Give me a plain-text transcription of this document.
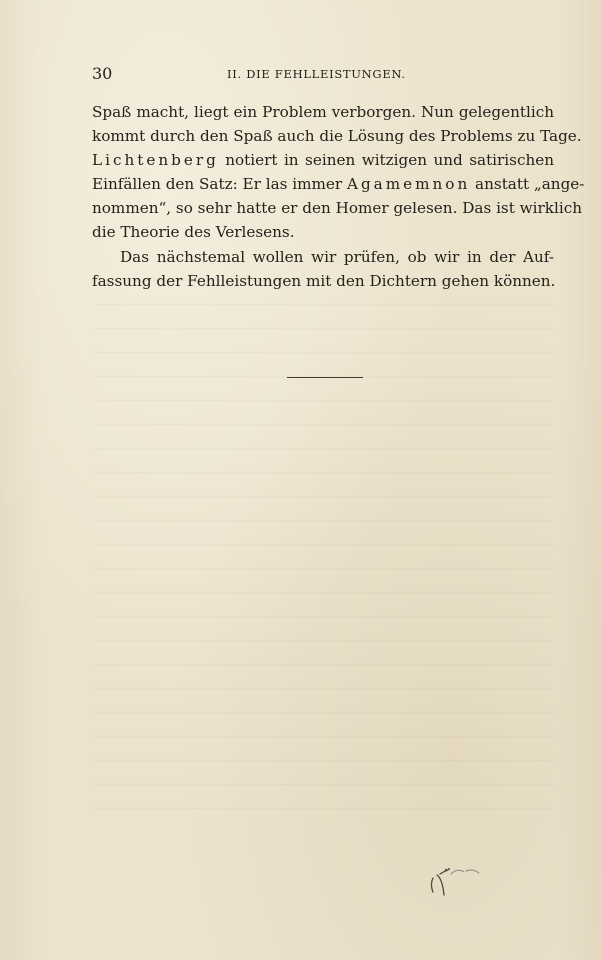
30	II. DIE FEHLLEISTUNGEN.
Spaß macht, liegt ein Problem verborgen. Nun gelegentlich
kommt durch den Spaß auch die Lösung des Problems zu Tage.
Lichtenberg notiert in seinen witzigen und satirischen
Einfällen den Satz: Er las immer Agamemnon anstatt „ange-
nommen“, so sehr hatte er den Homer gelesen. Das ist wirklich
die Theorie des Verlesens.
Das nächstemal wollen wir prüfen, ob wir in der Auf-
fassung der Fehlleistungen mit den Dichtern gehen können.
